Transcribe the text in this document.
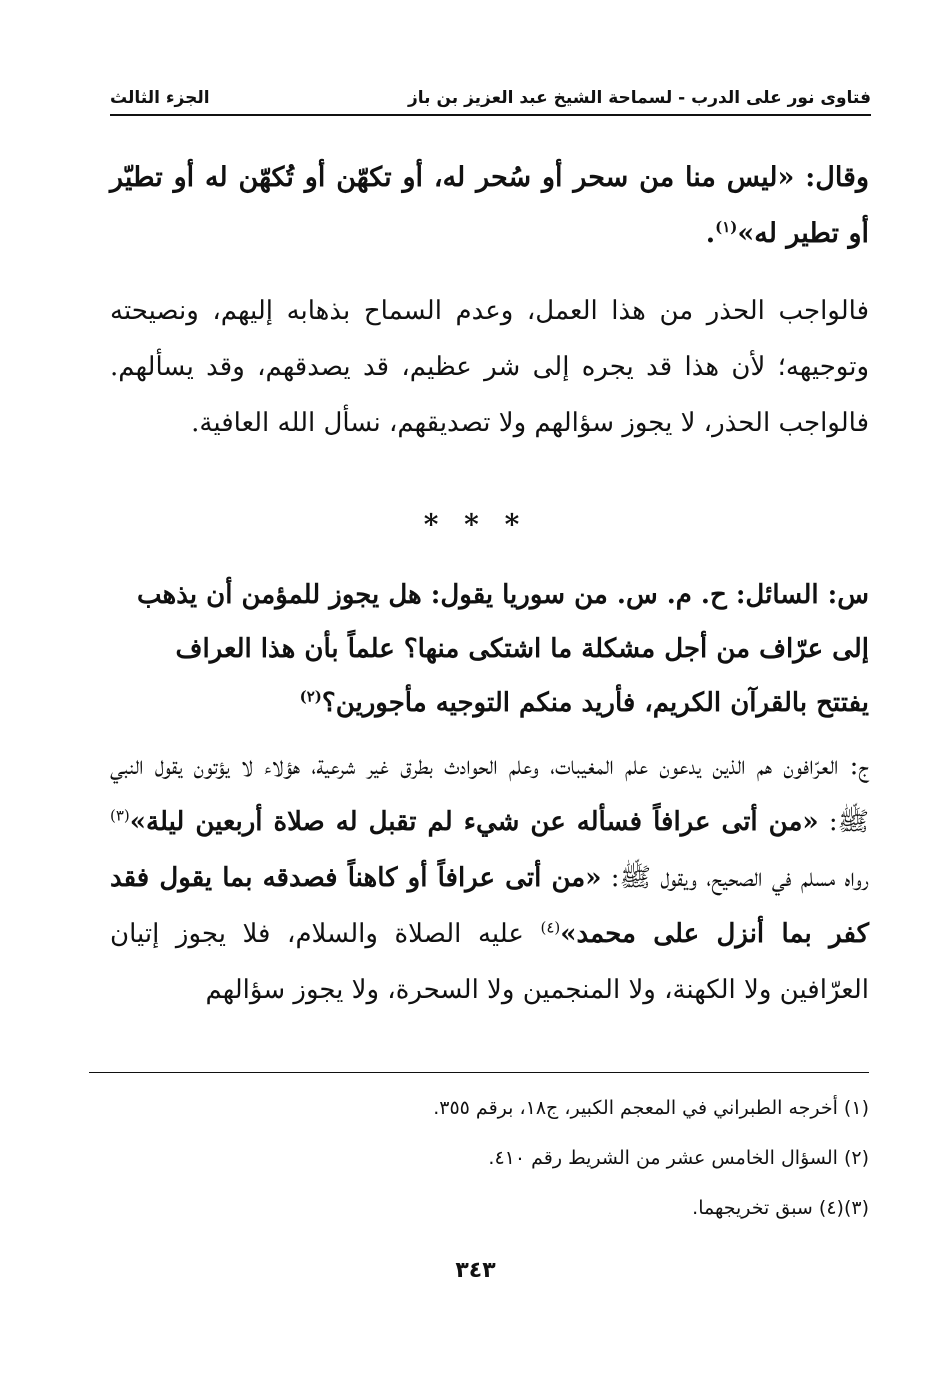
فتاوى نور على الدرب - لسماحة الشيخ عبد العزيز بن باز
الجزء الثالث
وقال: «ليس منا من سحر أو سُحر له، أو تكهّن أو تُكهّن له أو تطيّر أو تطير له»$^{(١)}$.
فالواجب الحذر من هذا العمل، وعدم السماح بذهابه إليهم، ونصيحته وتوجيهه؛ لأن هذا قد يجره إلى شر عظيم، قد يصدقهم، وقد يسألهم. فالواجب الحذر، لا يجوز سؤالهم ولا تصديقهم، نسأل الله العافية.
* * *
س: السائل: ح. م. س. من سوريا يقول: هل يجوز للمؤمن أن يذهب إلى عرّاف من أجل مشكلة ما اشتكى منها؟ علماً بأن هذا العراف يفتتح بالقرآن الكريم، فأريد منكم التوجيه مأجورين؟$^{(٢)}$
ج: العرّافون هم الذين يدعون علم المغيبات، وعلم الحوادث بطرق غير شرعية، هؤلاء لا يؤتون يقول النبي ﷺ: «من أتى عرافاً فسأله عن شيء لم تقبل له صلاة أربعين ليلة»$^{(٣)}$ رواه مسلم في الصحيح، ويقول ﷺ: «من أتى عرافاً أو كاهناً فصدقه بما يقول فقد كفر بما أنزل على محمد»$^{(٤)}$ عليه الصلاة والسلام، فلا يجوز إتيان العرّافين ولا الكهنة، ولا المنجمين ولا السحرة، ولا يجوز سؤالهم
(١) أخرجه الطبراني في المعجم الكبير، ج١٨، برقم ٣٥٥.
(٢) السؤال الخامس عشر من الشريط رقم ٤١٠.
(٣)(٤) سبق تخريجهما.
٣٤٣
